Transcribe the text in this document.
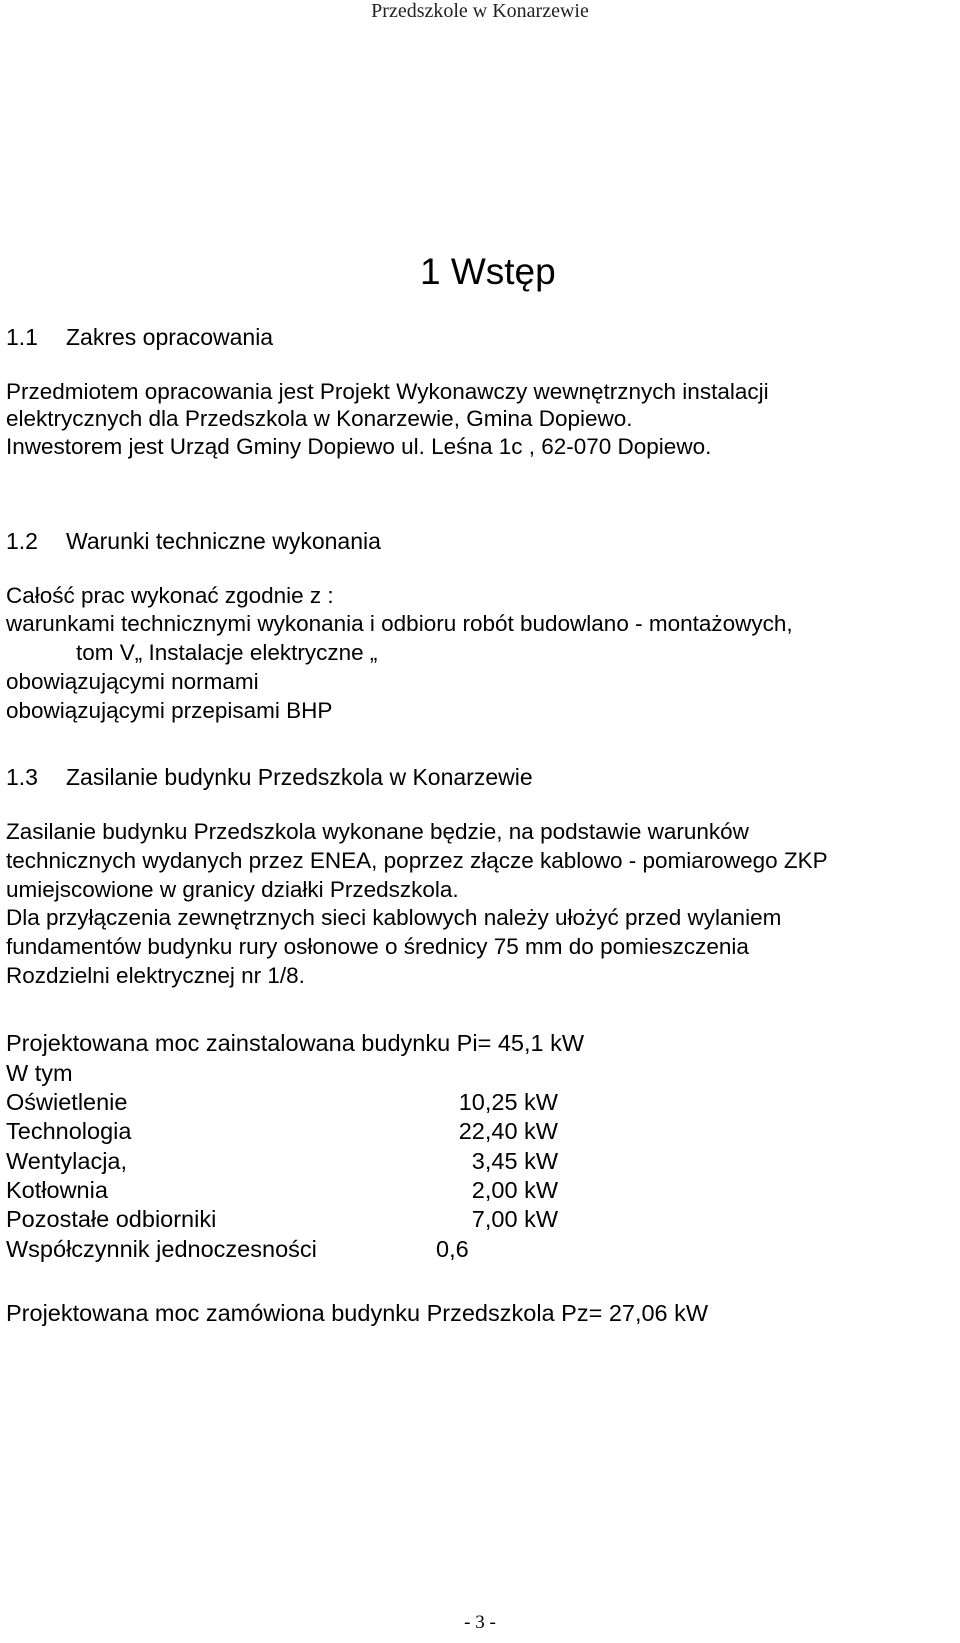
Przedszkole w Konarzewie
1 Wstęp
1.1 Zakres opracowania
Przedmiotem opracowania jest Projekt Wykonawczy wewnętrznych instalacji
elektrycznych dla Przedszkola w Konarzewie, Gmina Dopiewo.
Inwestorem jest Urząd Gminy Dopiewo ul. Leśna 1c , 62-070 Dopiewo.
1.2 Warunki techniczne wykonania
Całość prac wykonać zgodnie z :
warunkami technicznymi wykonania i odbioru robót budowlano - montażowych,
tom V„ Instalacje elektryczne „
obowiązującymi normami
obowiązującymi przepisami BHP
1.3 Zasilanie budynku Przedszkola w Konarzewie
Zasilanie budynku Przedszkola wykonane będzie, na podstawie warunków
technicznych wydanych przez ENEA, poprzez złącze kablowo - pomiarowego ZKP
umiejscowione w granicy działki Przedszkola.
Dla przyłączenia zewnętrznych sieci kablowych należy ułożyć przed wylaniem
fundamentów budynku rury osłonowe o średnicy 75 mm do pomieszczenia
Rozdzielni elektrycznej nr 1/8.
Projektowana moc zainstalowana budynku Pi= 45,1 kW
W tym
Oświetlenie	10,25 kW
Technologia	22,40 kW
Wentylacja,	3,45 kW
Kotłownia	2,00 kW
Pozostałe odbiorniki	7,00 kW
Współczynnik jednoczesności	0,6
Projektowana moc zamówiona budynku Przedszkola Pz= 27,06 kW
- 3 -
